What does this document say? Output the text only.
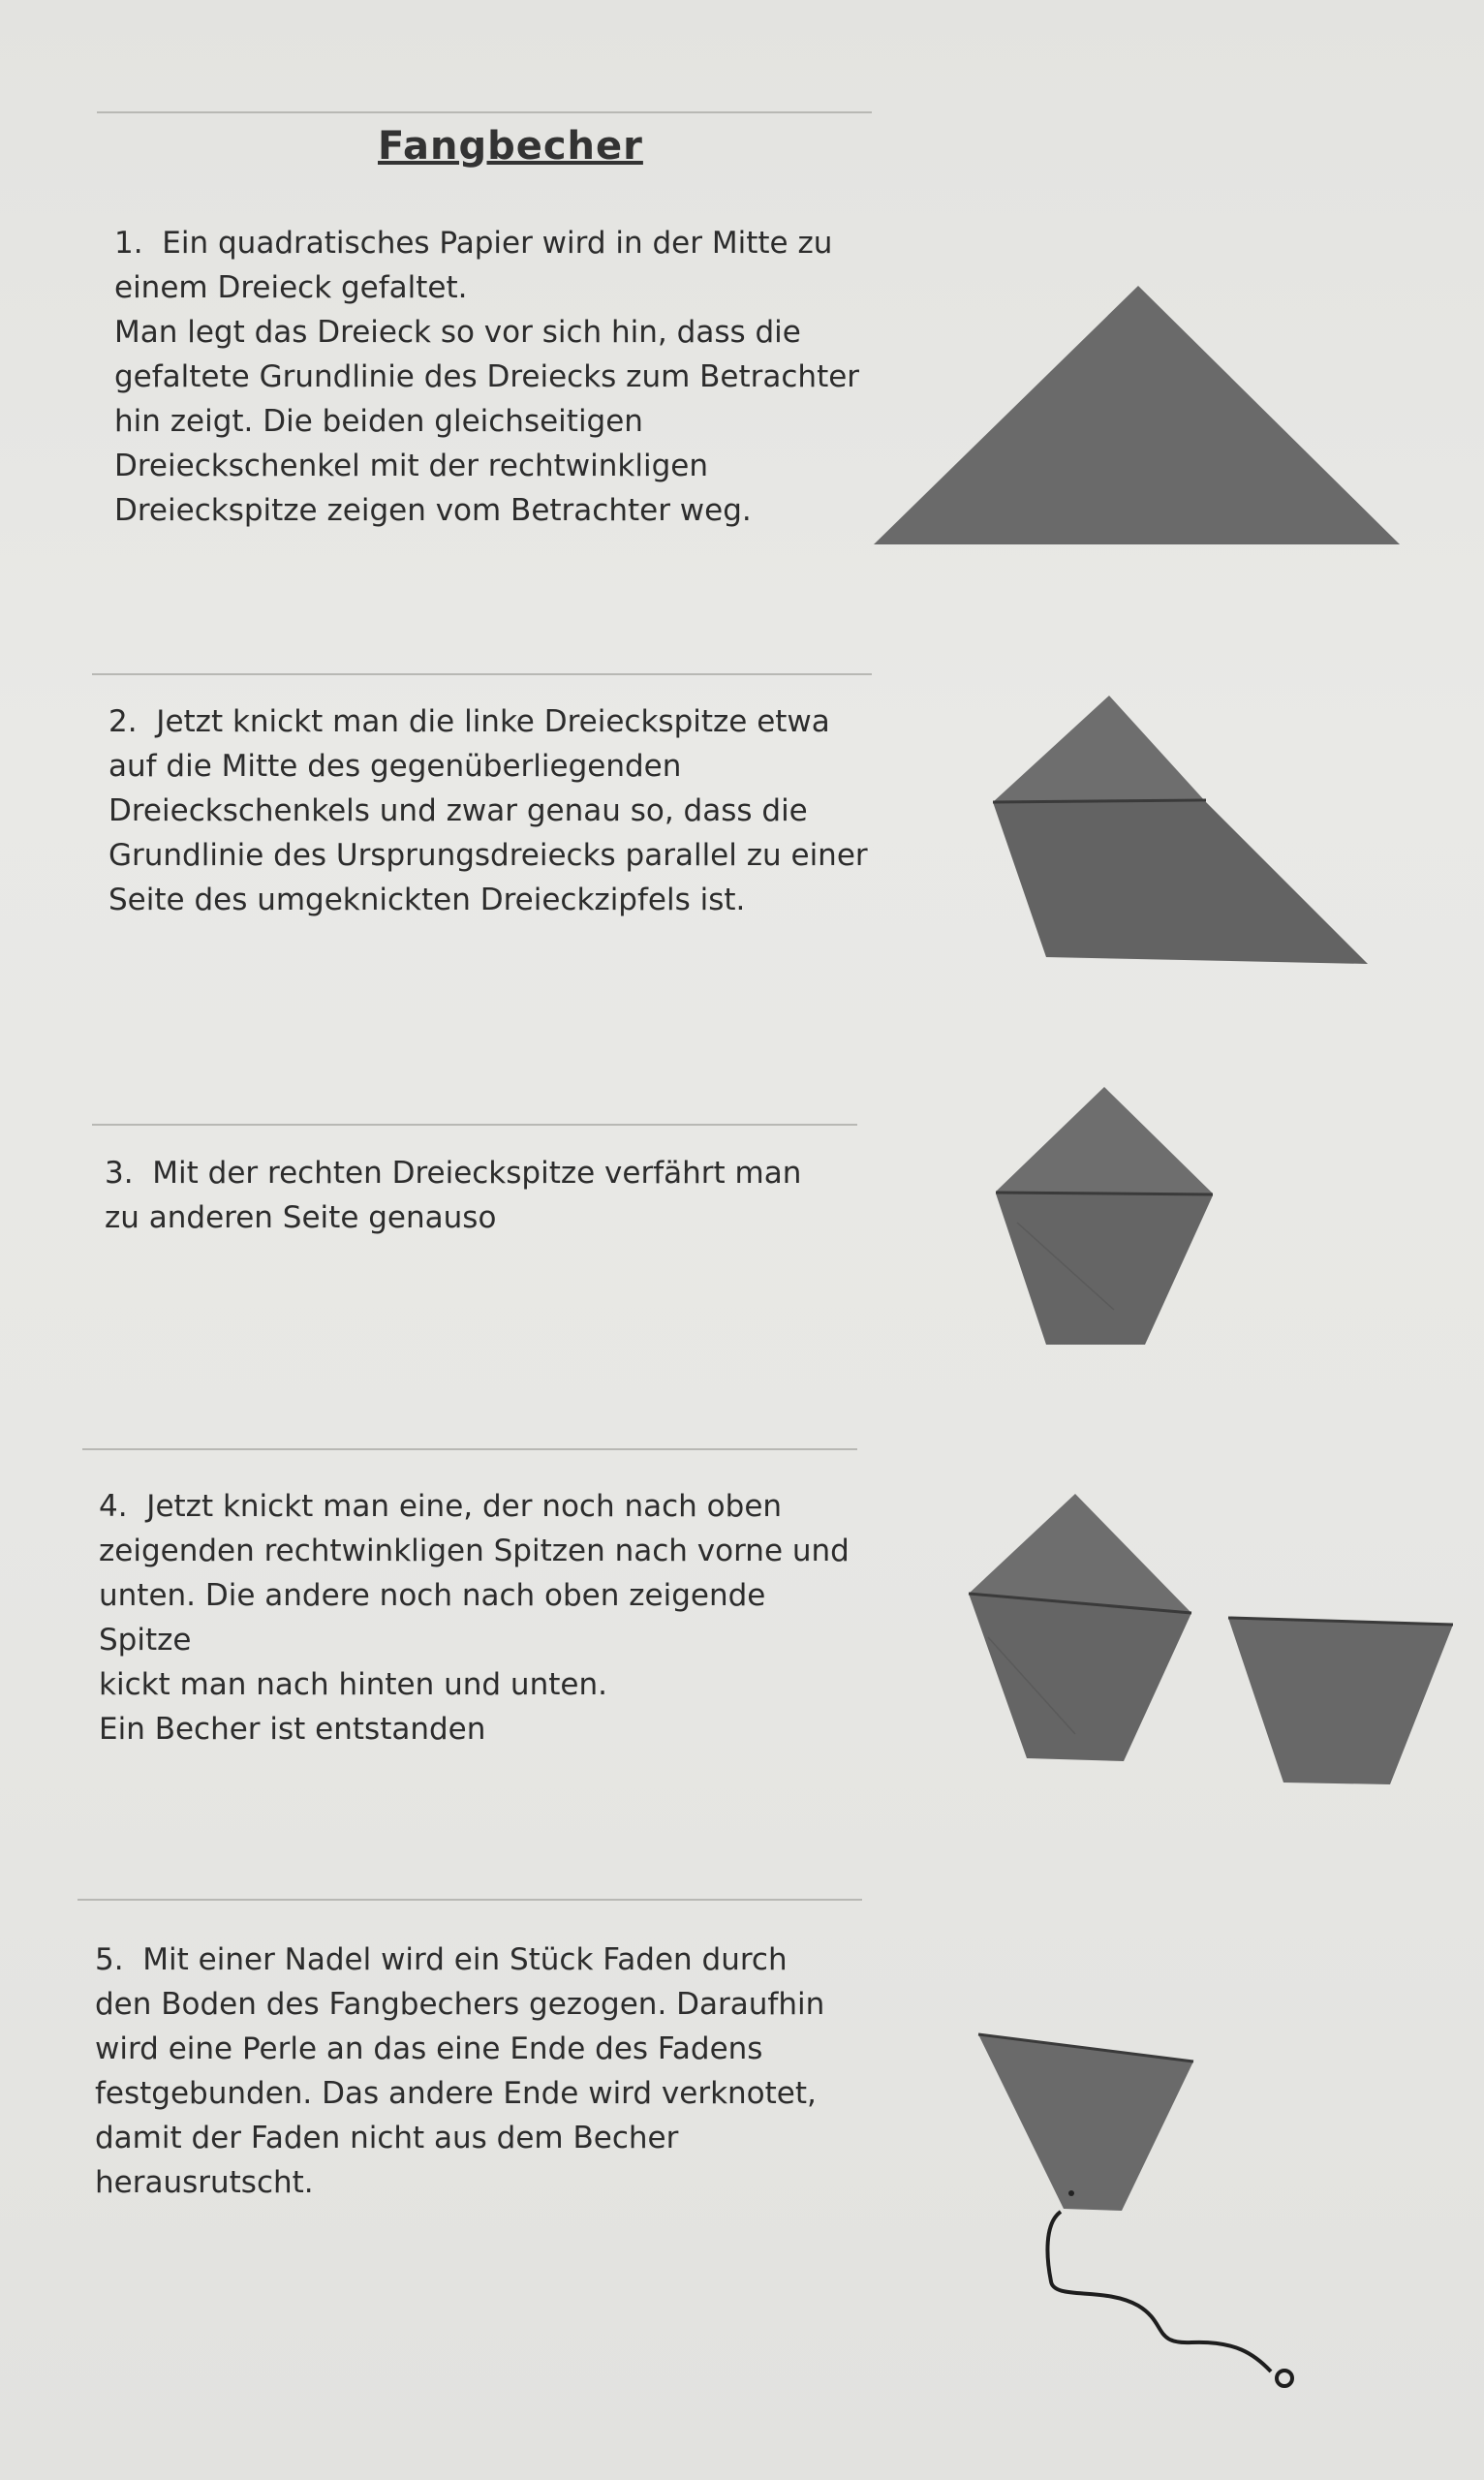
Fangbecher
1. Ein quadratisches Papier wird in der Mitte zu
einem Dreieck gefaltet.
Man legt das Dreieck so vor sich hin, dass die
gefaltete Grundlinie des Dreiecks zum Betrachter
hin zeigt. Die beiden gleichseitigen
Dreieckschenkel mit der rechtwinkligen
Dreieckspitze zeigen vom Betrachter weg.
2. Jetzt knickt man die linke Dreieckspitze etwa
auf die Mitte des gegenüberliegenden
Dreieckschenkels und zwar genau so, dass die
Grundlinie des Ursprungsdreiecks parallel zu einer
Seite des umgeknickten Dreieckzipfels ist.
3. Mit der rechten Dreieckspitze verfährt man
zu anderen Seite genauso
4. Jetzt knickt man eine, der noch nach oben
zeigenden rechtwinkligen Spitzen nach vorne und
unten. Die andere noch nach oben zeigende Spitze
kickt man nach hinten und unten.
Ein Becher ist entstanden
5. Mit einer Nadel wird ein Stück Faden durch
den Boden des Fangbechers gezogen. Daraufhin
wird eine Perle an das eine Ende des Fadens
festgebunden. Das andere Ende wird verknotet,
damit der Faden nicht aus dem Becher
herausrutscht.
